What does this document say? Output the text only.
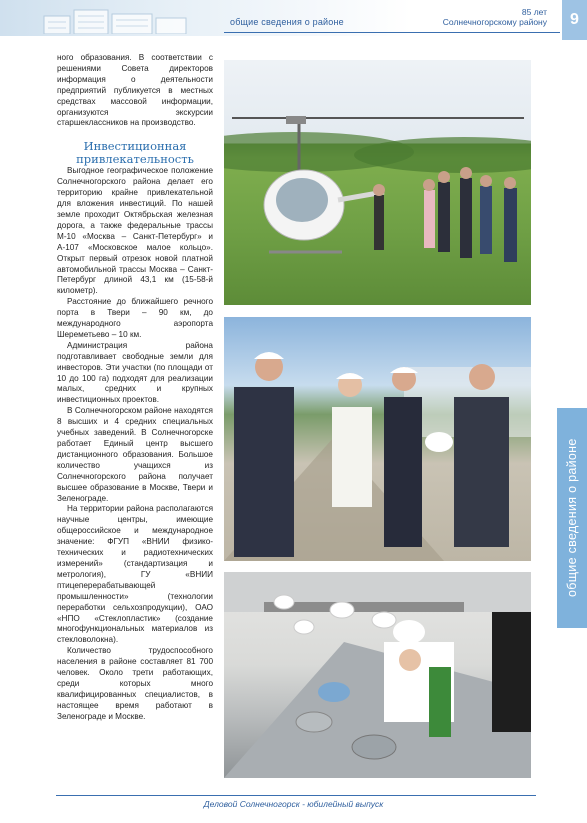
общие сведения о районе
85 лет
Солнечногорскому району	9

ного образования. В соответствии с решениями Совета директоров информация о деятельности предприятий публикуется в местных средствах массовой информации, организуются экскурсии старшеклассников на производство.

Инвестиционная привлекательность

Выгодное географическое положение Солнечногорского района делает его территорию крайне привлекательной для вложения инвестиций. По нашей земле проходит Октябрьская железная дорога, а также федеральные трассы М-10 «Москва – Санкт-Петербург» и А-107 «Московское малое кольцо». Открыт первый отрезок новой платной автомобильной трассы Москва – Санкт-Петербург длиной 43,1 км (15-58-й километр).

Расстояние до ближайшего речного порта в Твери – 90 км, до международного аэропорта Шереметьево – 10 км.

Администрация района подготавливает свободные земли для инвесторов. Эти участки (по площади от 10 до 100 га) подходят для реализации малых, средних и крупных инвестиционных проектов.

В Солнечногорском районе находятся 8 высших и 4 средних специальных учебных заведений. В Солнечногорске работает Единый центр высшего дистанционного образования. Большое количество учащихся из Солнечногорского района получает высшее образование в Москве, Твери и Зеленограде.

На территории района располагаются научные центры, имеющие общероссийское и международное значение: ФГУП «ВНИИ физико-технических и радиотехнических измерений» (стандартизация и метрология), ГУ «ВНИИ птицеперерабатывающей промышленности» (технологии переработки сельхозпродукции), ОАО «НПО «Стеклопластик» (создание многофункциональных материалов из стекловолокна).

Количество трудоспособного населения в районе составляет 81 700 человек. Около трети работающих, среди которых много квалифицированных специалистов, в настоящее время работают в Зеленограде и Москве.

общие сведения о районе
Деловой Солнечногорск - юбилейный выпуск
